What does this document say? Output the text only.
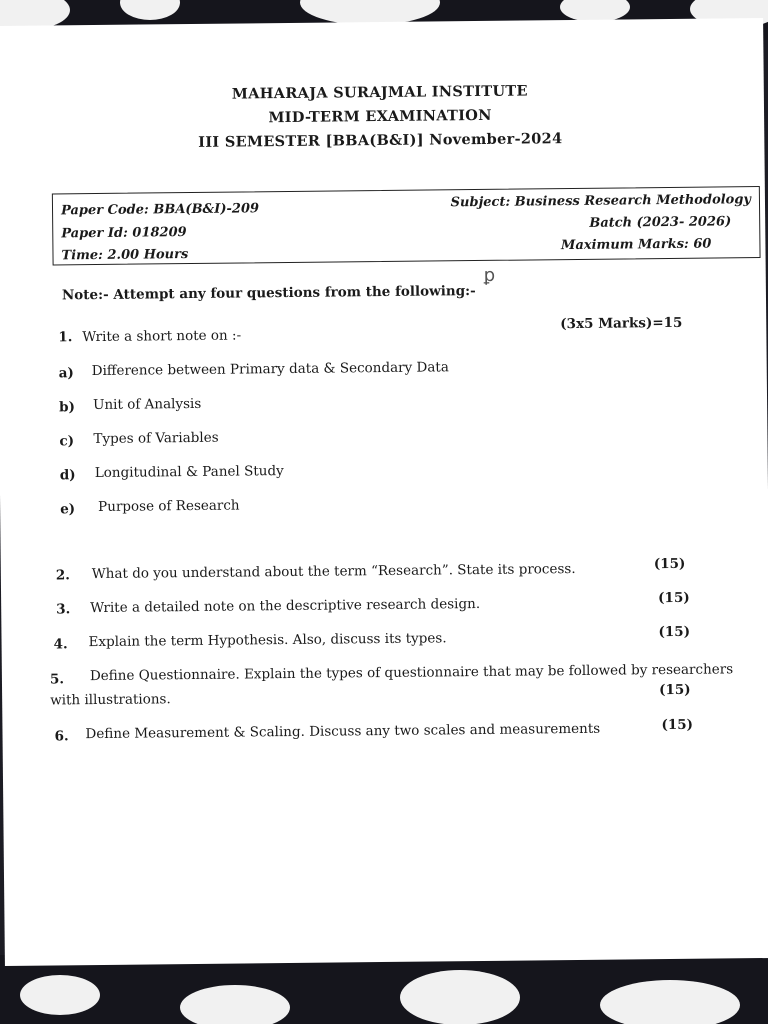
MAHARAJA SURAJMAL INSTITUTE
MID-TERM EXAMINATION
III SEMESTER [BBA(B&I)] November-2024
Paper Code: BBA(B&I)-209
Paper Id: 018209
Time: 2.00 Hours
Subject: Business Research Methodology
Batch (2023- 2026)
Maximum Marks: 60
ꝑ
Note:- Attempt any four questions from the following:-
1. Write a short note on :-
(3x5 Marks)=15
a) Difference between Primary data & Secondary Data
b) Unit of Analysis
c) Types of Variables
d) Longitudinal & Panel Study
e) Purpose of Research
2. What do you understand about the term “Research”. State its process.	(15)
3. Write a detailed note on the descriptive research design.	(15)
4. Explain the term Hypothesis. Also, discuss its types.	(15)
5. Define Questionnaire. Explain the types of questionnaire that may be followed by researchers
with illustrations.
(15)
6. Define Measurement & Scaling. Discuss any two scales and measurements	(15)
